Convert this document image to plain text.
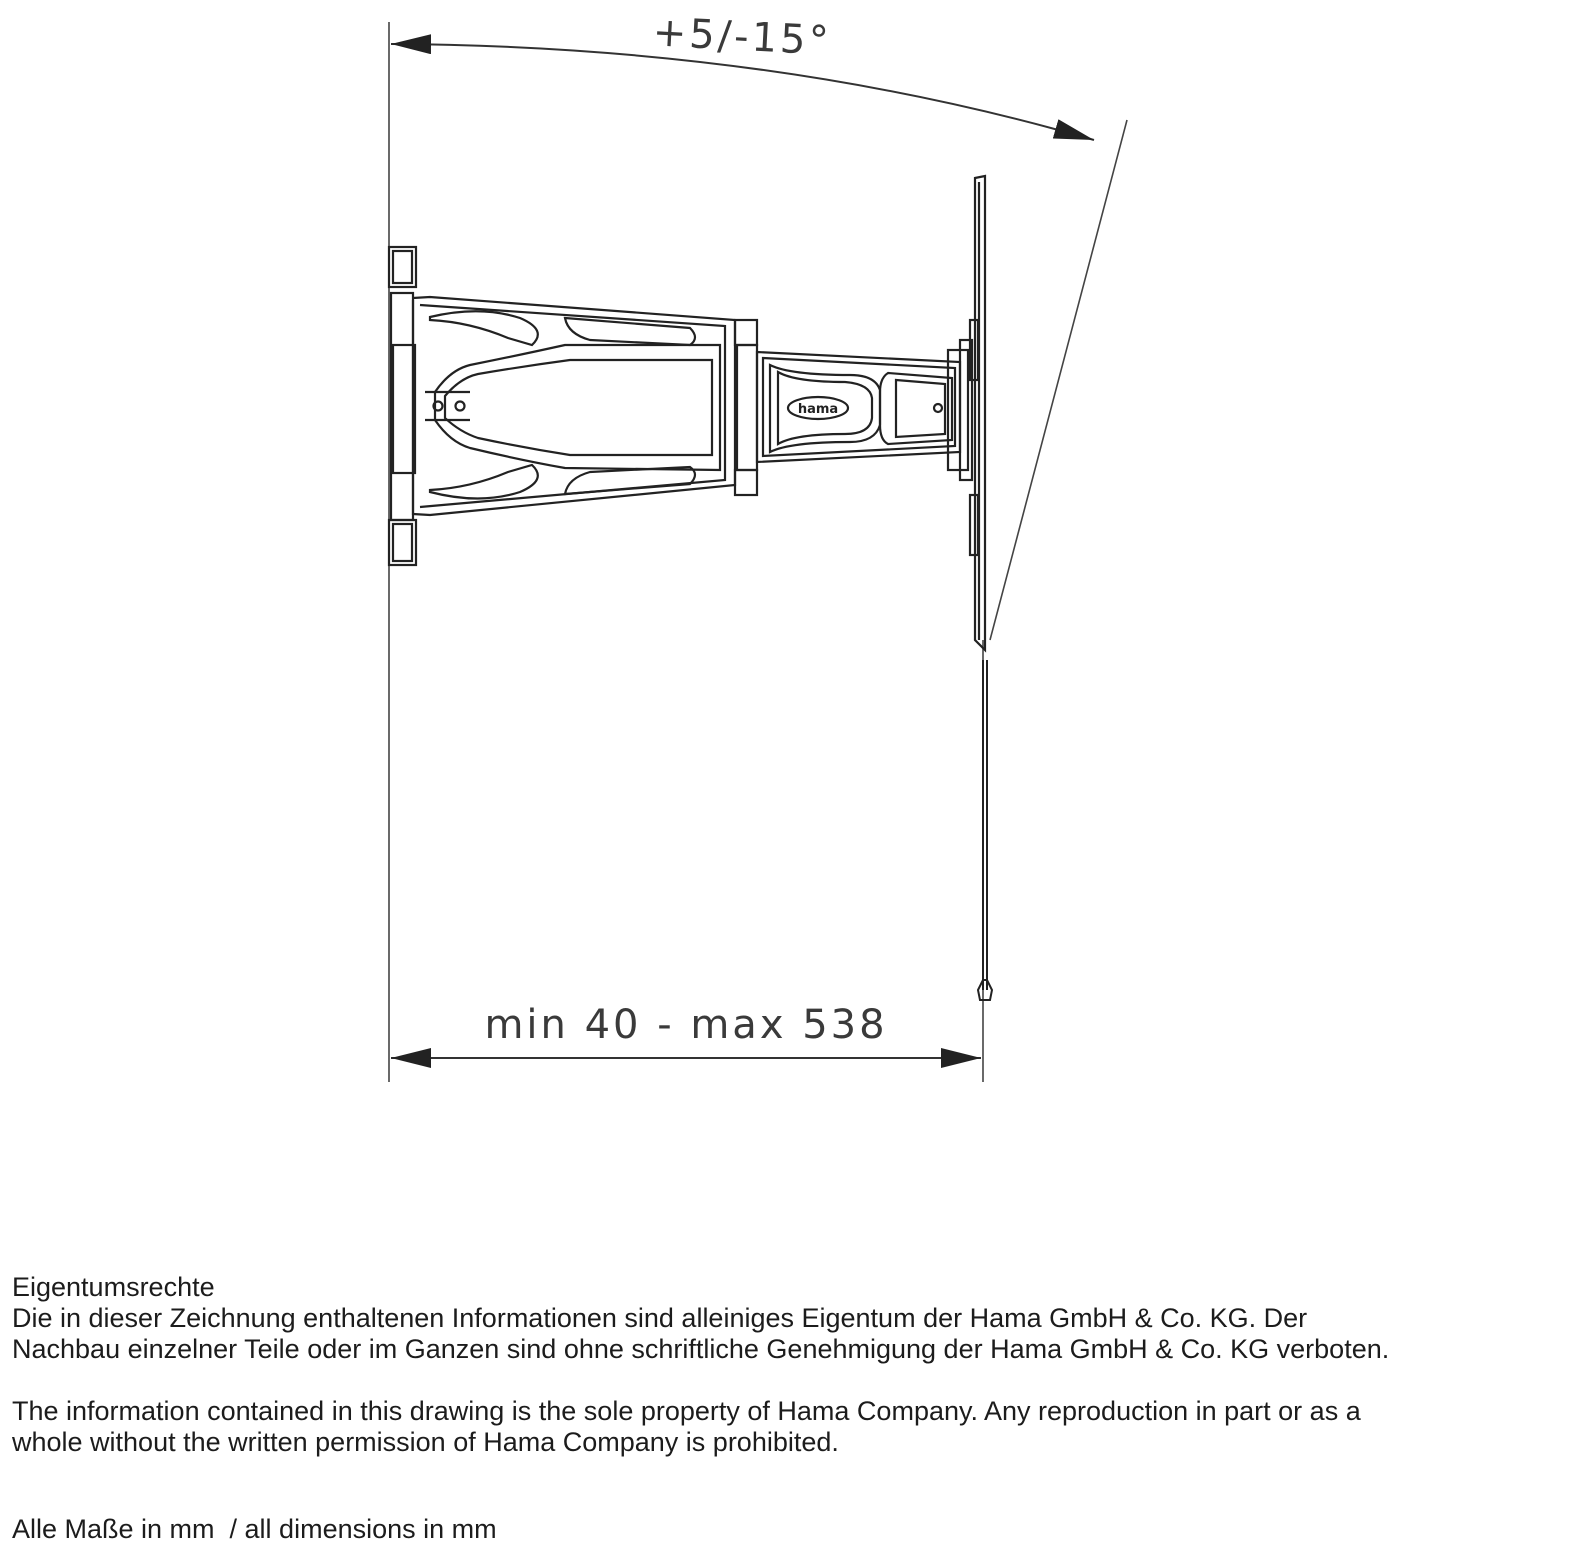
+5/-15°
min 40 - max 538
hama

Eigentumsrechte

Die in dieser Zeichnung enthaltenen Informationen sind alleiniges Eigentum der Hama GmbH & Co. KG. Der

Nachbau einzelner Teile oder im Ganzen sind ohne schriftliche Genehmigung der Hama GmbH & Co. KG verboten.

The information contained in this drawing is the sole property of Hama Company. Any reproduction in part or as a

whole without the written permission of Hama Company is prohibited.

Alle Maße in mm  / all dimensions in mm
